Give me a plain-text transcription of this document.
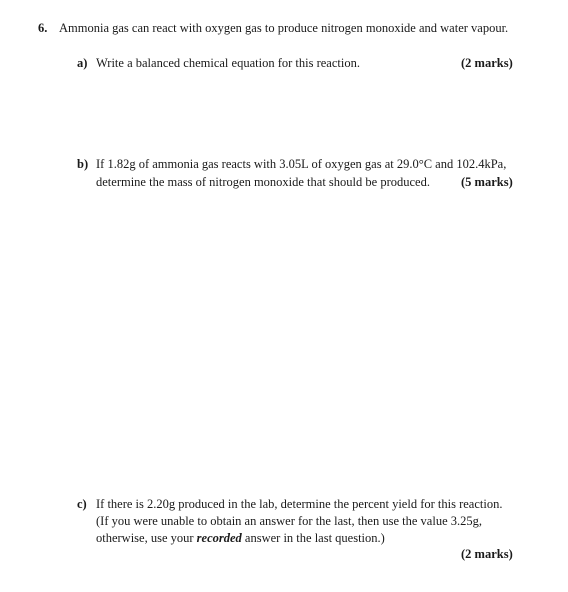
6. Ammonia gas can react with oxygen gas to produce nitrogen monoxide and water vapour.
a) Write a balanced chemical equation for this reaction.	(2 marks)
b) If 1.82g of ammonia gas reacts with 3.05L of oxygen gas at 29.0°C and 102.4kPa,
determine the mass of nitrogen monoxide that should be produced. (5 marks)
c) If there is 2.20g produced in the lab, determine the percent yield for this reaction.
(If you were unable to obtain an answer for the last, then use the value 3.25g,
otherwise, use your recorded answer in the last question.)
(2 marks)
